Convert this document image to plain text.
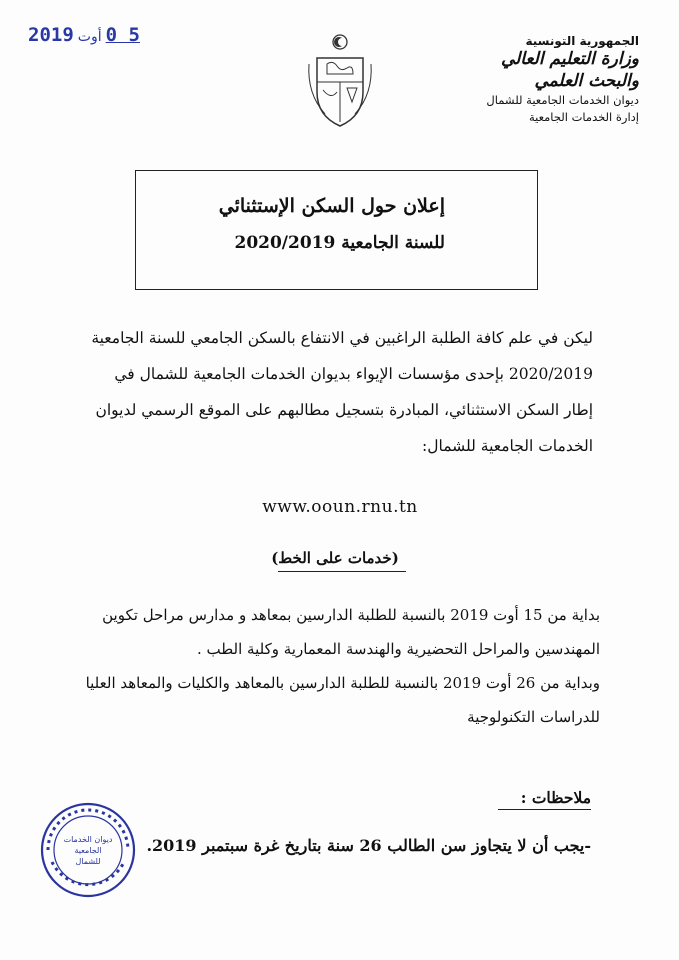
2019 أوت 0 5	الجمهورية التونسية
وزارة التعليم العالي
والبحث العلمي
ديوان الخدمات الجامعية للشمال
إدارة الخدمات الجامعية
إعلان حول السكن الإستثنائي
للسنة الجامعية 2020/2019
ليكن في علم كافة الطلبة الراغبين في الانتفاع بالسكن الجامعي للسنة الجامعية
2020/2019 بإحدى مؤسسات الإيواء بديوان الخدمات الجامعية للشمال في
إطار السكن الاستثنائي، المبادرة بتسجيل مطالبهم على الموقع الرسمي لديوان
الخدمات الجامعية للشمال:
www.ooun.rnu.tn
(خدمات على الخط)
بداية من 15 أوت 2019 بالنسبة للطلبة الدارسين بمعاهد و مدارس مراحل تكوين
المهندسين والمراحل التحضيرية والهندسة المعمارية وكلية الطب .
وبداية من 26 أوت 2019 بالنسبة للطلبة الدارسين بالمعاهد والكليات والمعاهد العليا
للدراسات التكنولوجية
ملاحظات :
-يجب أن لا يتجاوز سن الطالب 26 سنة بتاريخ غرة سبتمبر 2019.
ديوان الخدمات
الجامعية
للشمال
